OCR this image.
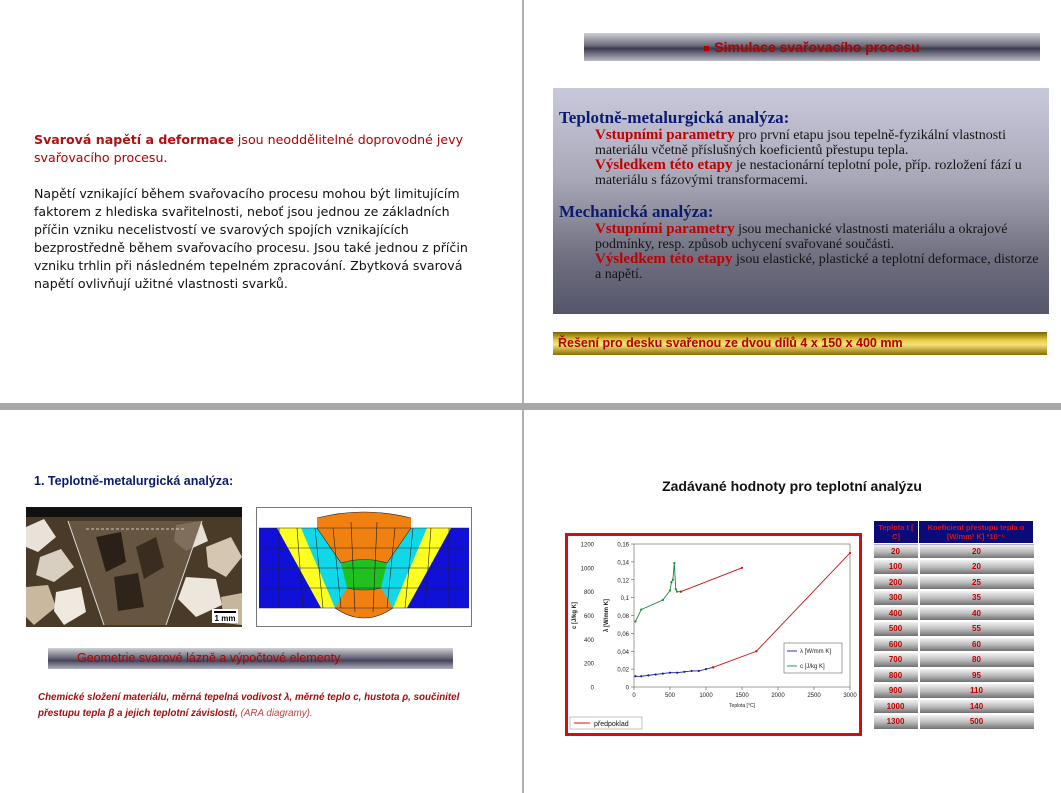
Svarová napětí a deformace jsou neoddělitelné doprovodné jevy svařovacího procesu.

Napětí vznikající během svařovacího procesu mohou být limitujícím faktorem z hlediska svařitelnosti, neboť jsou jednou ze základních příčin vzniku necelistvostí ve svarových spojích vznikajících bezprostředně během svařovacího procesu. Jsou také jednou z příčin vzniku trhlin při následném tepelném zpracování. Zbytková svarová napětí ovlivňují užitné vlastnosti svarků.

Simulace svařovacího procesu
Teplotně-metalurgická analýza:
Vstupními parametry pro první etapu jsou tepelně-fyzikální vlastnosti materiálu včetně příslušných koeficientů přestupu tepla.
Výsledkem této etapy je nestacionární teplotní pole, příp. rozložení fází u materiálu s fázovými transformacemi.
Mechanická analýza:
Vstupními parametry jsou mechanické vlastnosti materiálu a okrajové podmínky, resp. způsob uchycení svařované součásti.
Výsledkem této etapy jsou elastické, plastické a teplotní deformace, distorze a napětí.
Řešení pro desku svařenou ze dvou dílů 4 x 150 x 400 mm
1. Teplotně-metalurgická analýza:
1 mm
Geometrie svarové lázně a výpočtové elementy
Chemické složení materiálu, měrná tepelná vodivost λ, měrné teplo c, hustota ρ, součinitel přestupu tepla β a jejich teplotní závislosti, (ARA diagramy).
Zadávané hodnoty pro teplotní analýzu
0
200
400
600
800
1000
1200
0
0,02
0,04
0,06
0,08
0,1
0,12
0,14
0,16
0	500	1000	1500	2000	2500	3000
Teplota [°C]
c [J/kg K]	λ [W/mm K]
λ [W/mm K]
c [J/kg K]
předpoklad
Teplota t [ C]	Koeficient přestupu tepla α [W/mm² K] *10⁻⁶
20	20
100	20
200	25
300	35
400	40
500	55
600	60
700	80
800	95
900	110
1000	140
1300	500
